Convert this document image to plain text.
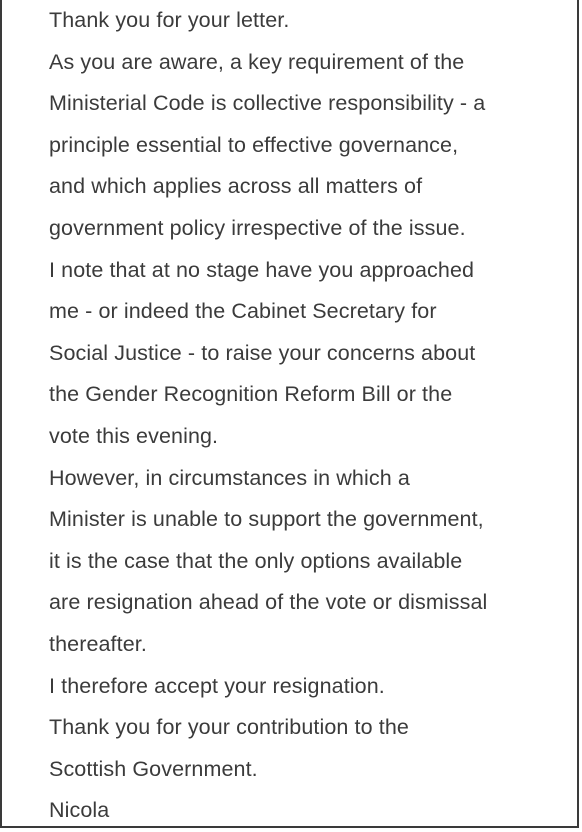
Thank you for your letter.

As you are aware, a key requirement of the
Ministerial Code is collective responsibility - a
principle essential to effective governance,
and which applies across all matters of
government policy irrespective of the issue.

I note that at no stage have you approached
me - or indeed the Cabinet Secretary for
Social Justice - to raise your concerns about
the Gender Recognition Reform Bill or the
vote this evening.

However, in circumstances in which a
Minister is unable to support the government,
it is the case that the only options available
are resignation ahead of the vote or dismissal
thereafter.

I therefore accept your resignation.

Thank you for your contribution to the
Scottish Government.

Nicola
